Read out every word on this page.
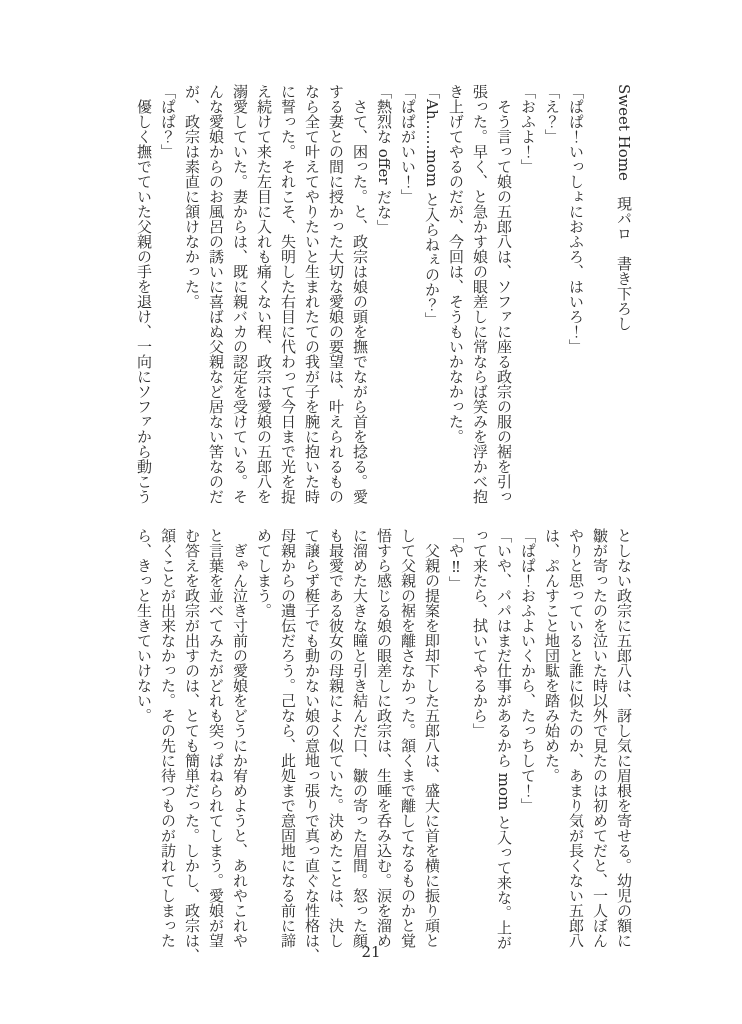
Sweet Home　現パロ　書き下ろし

「ぱぱ！いっしょにおふろ、はいろ！」
「え？」
「おふよ！」
　そう言って娘の五郎八は、ソファに座る政宗の服の裾を引っ
張った。早く、と急かす娘の眼差しに常ならば笑みを浮かべ抱
き上げてやるのだが、今回は、そうもいかなかった。
「Ah……mom と入らねぇのか？」
「ぱぱがいい！」
「熱烈な offer だな」
　さて、困った。と、政宗は娘の頭を撫でながら首を捻る。愛
する妻との間に授かった大切な愛娘の要望は、叶えられるもの
なら全て叶えてやりたいと生まれたての我が子を腕に抱いた時
に誓った。それこそ、失明した右目に代わって今日まで光を捉
え続けて来た左目に入れも痛くない程、政宗は愛娘の五郎八を
溺愛していた。妻からは、既に親バカの認定を受けている。そ
んな愛娘からのお風呂の誘いに喜ばぬ父親など居ない筈なのだ
が、政宗は素直に頷けなかった。
「ぱぱ？」
　優しく撫でていた父親の手を退け、一向にソファから動こう
としない政宗に五郎八は、訝し気に眉根を寄せる。幼児の額に
皺が寄ったのを泣いた時以外で見たのは初めてだと、一人ぼん
やりと思っていると誰に似たのか、あまり気が長くない五郎八
は、ぷんすこと地団駄を踏み始めた。
「ぱぱ！おふよいくから、たっちして！」
「いや、パパはまだ仕事があるから mom と入って来な。上が
って来たら、拭いてやるから」
「や‼」
　父親の提案を即却下した五郎八は、盛大に首を横に振り頑と
して父親の裾を離さなかった。頷くまで離してなるものかと覚
悟すら感じる娘の眼差しに政宗は、生唾を呑み込む。涙を溜め
に溜めた大きな瞳と引き結んだ口、皺の寄った眉間。怒った顔
も最愛である彼女の母親によく似ていた。決めたことは、決し
て譲らず梃子でも動かない娘の意地っ張りで真っ直ぐな性格は、
母親からの遺伝だろう。己なら、此処まで意固地になる前に諦
めてしまう。
　ぎゃん泣き寸前の愛娘をどうにか宥めようと、あれやこれや
と言葉を並べてみたがどれも突っぱねられてしまう。愛娘が望
む答えを政宗が出すのは、とても簡単だった。しかし、政宗は、
頷くことが出来なかった。その先に待つものが訪れてしまった
ら、きっと生きていけない。
21
